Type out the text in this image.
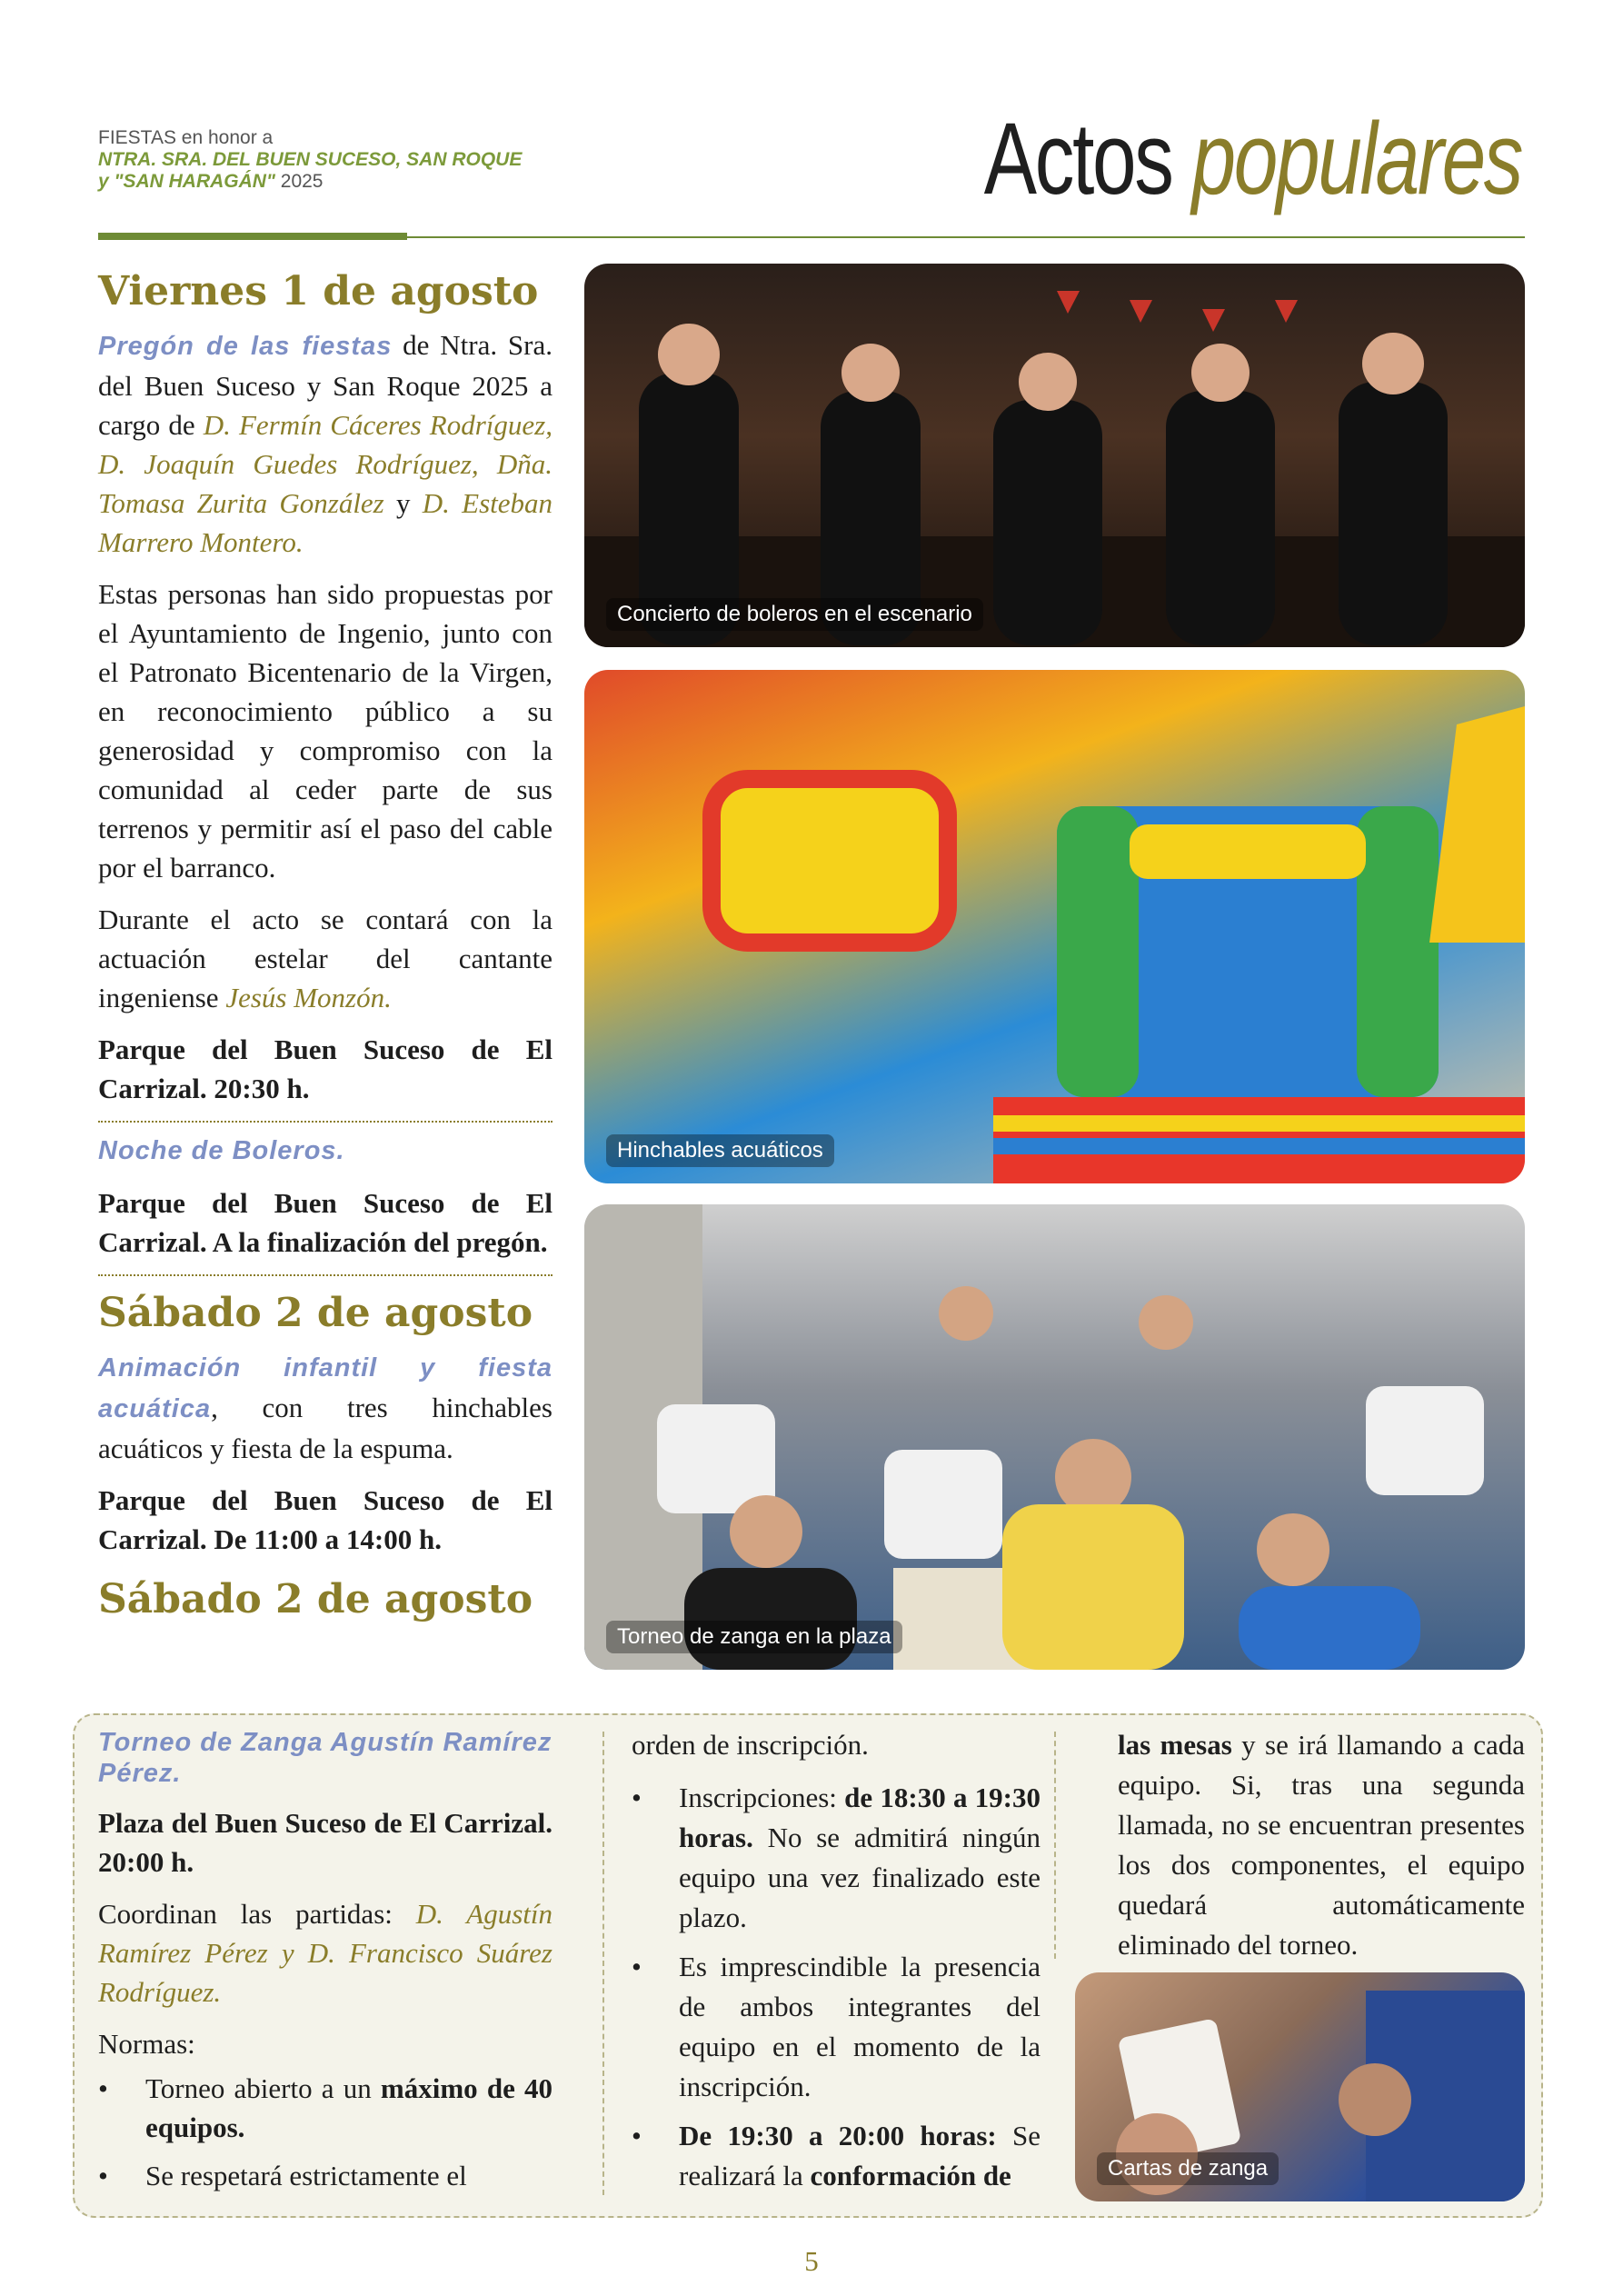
FIESTAS en honor a
NTRA. SRA. DEL BUEN SUCESO, SAN ROQUE
y "SAN HARAGÁN" 2025	Actos populares
Viernes 1 de agosto

Pregón de las fiestas de Ntra. Sra. del Buen Suceso y San Roque 2025 a cargo de D. Fermín Cáceres Rodríguez, D. Joaquín Guedes Rodríguez, Dña. Tomasa Zurita González y D. Esteban Marrero Montero.

Estas personas han sido propuestas por el Ayuntamiento de Ingenio, junto con el Patronato Bicentenario de la Virgen, en reconocimiento público a su generosidad y compromiso con la comunidad al ceder parte de sus terrenos y permitir así el paso del cable por el barranco.

Durante el acto se contará con la actuación estelar del cantante ingeniense Jesús Monzón.

Parque del Buen Suceso de El Carrizal. 20:30 h.

Noche de Boleros.

Parque del Buen Suceso de El Carrizal. A la finalización del pregón.

Sábado 2 de agosto

Animación infantil y fiesta acuática, con tres hinchables acuáticos y fiesta de la espuma.

Parque del Buen Suceso de El Carrizal. De 11:00 a 14:00 h.

Sábado 2 de agosto
Concierto de boleros en el escenario
Hinchables acuáticos
Torneo de zanga en la plaza

Torneo de Zanga Agustín Ramírez Pérez.

Plaza del Buen Suceso de El Carrizal. 20:00 h.

Coordinan las partidas: D. Agustín Ramírez Pérez y D. Francisco Suárez Rodríguez.

Normas:

• Torneo abierto a un máximo de 40 equipos.
• Se respetará estrictamente el

orden de inscripción.

• Inscripciones: de 18:30 a 19:30 horas. No se admitirá ningún equipo una vez finalizado este plazo.
• Es imprescindible la presencia de ambos integrantes del equipo en el momento de la inscripción.
• De 19:30 a 20:00 horas: Se realizará la conformación de

las mesas y se irá llamando a cada equipo. Si, tras una segunda llamada, no se encuentran presentes los dos componentes, el equipo quedará automáticamente eliminado del torneo.

Cartas de zanga
5
